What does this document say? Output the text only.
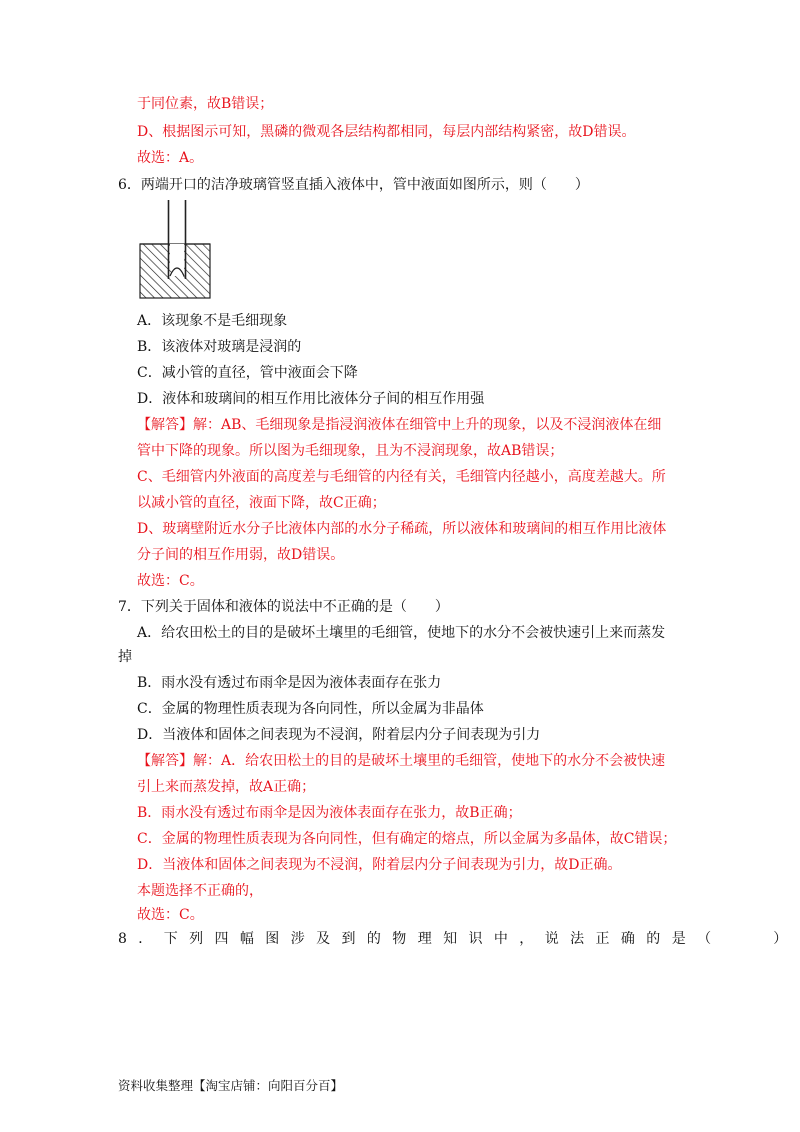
于同位素，故B错误；
D、根据图示可知，黑磷的微观各层结构都相同，每层内部结构紧密，故D错误。
故选：A。
6．两端开口的洁净玻璃管竖直插入液体中，管中液面如图所示，则（　　）
A．该现象不是毛细现象
B．该液体对玻璃是浸润的
C．减小管的直径，管中液面会下降
D．液体和玻璃间的相互作用比液体分子间的相互作用强
【解答】解：AB、毛细现象是指浸润液体在细管中上升的现象，以及不浸润液体在细
管中下降的现象。所以图为毛细现象，且为不浸润现象，故AB错误；
C、毛细管内外液面的高度差与毛细管的内径有关，毛细管内径越小，高度差越大。所
以减小管的直径，液面下降，故C正确；
D、玻璃壁附近水分子比液体内部的水分子稀疏，所以液体和玻璃间的相互作用比液体
分子间的相互作用弱，故D错误。
故选：C。
7．下列关于固体和液体的说法中不正确的是（　　）
A．给农田松土的目的是破坏土壤里的毛细管，使地下的水分不会被快速引上来而蒸发
掉
B．雨水没有透过布雨伞是因为液体表面存在张力
C．金属的物理性质表现为各向同性，所以金属为非晶体
D．当液体和固体之间表现为不浸润，附着层内分子间表现为引力
【解答】解：A．给农田松土的目的是破坏土壤里的毛细管，使地下的水分不会被快速
引上来而蒸发掉，故A正确；
B．雨水没有透过布雨伞是因为液体表面存在张力，故B正确；
C．金属的物理性质表现为各向同性，但有确定的熔点，所以金属为多晶体，故C错误；
D．当液体和固体之间表现为不浸润，附着层内分子间表现为引力，故D正确。
本题选择不正确的，
故选：C。
8．下列四幅图涉及到的物理知识中，说法正确的是（　　）
资料收集整理【淘宝店铺：向阳百分百】
